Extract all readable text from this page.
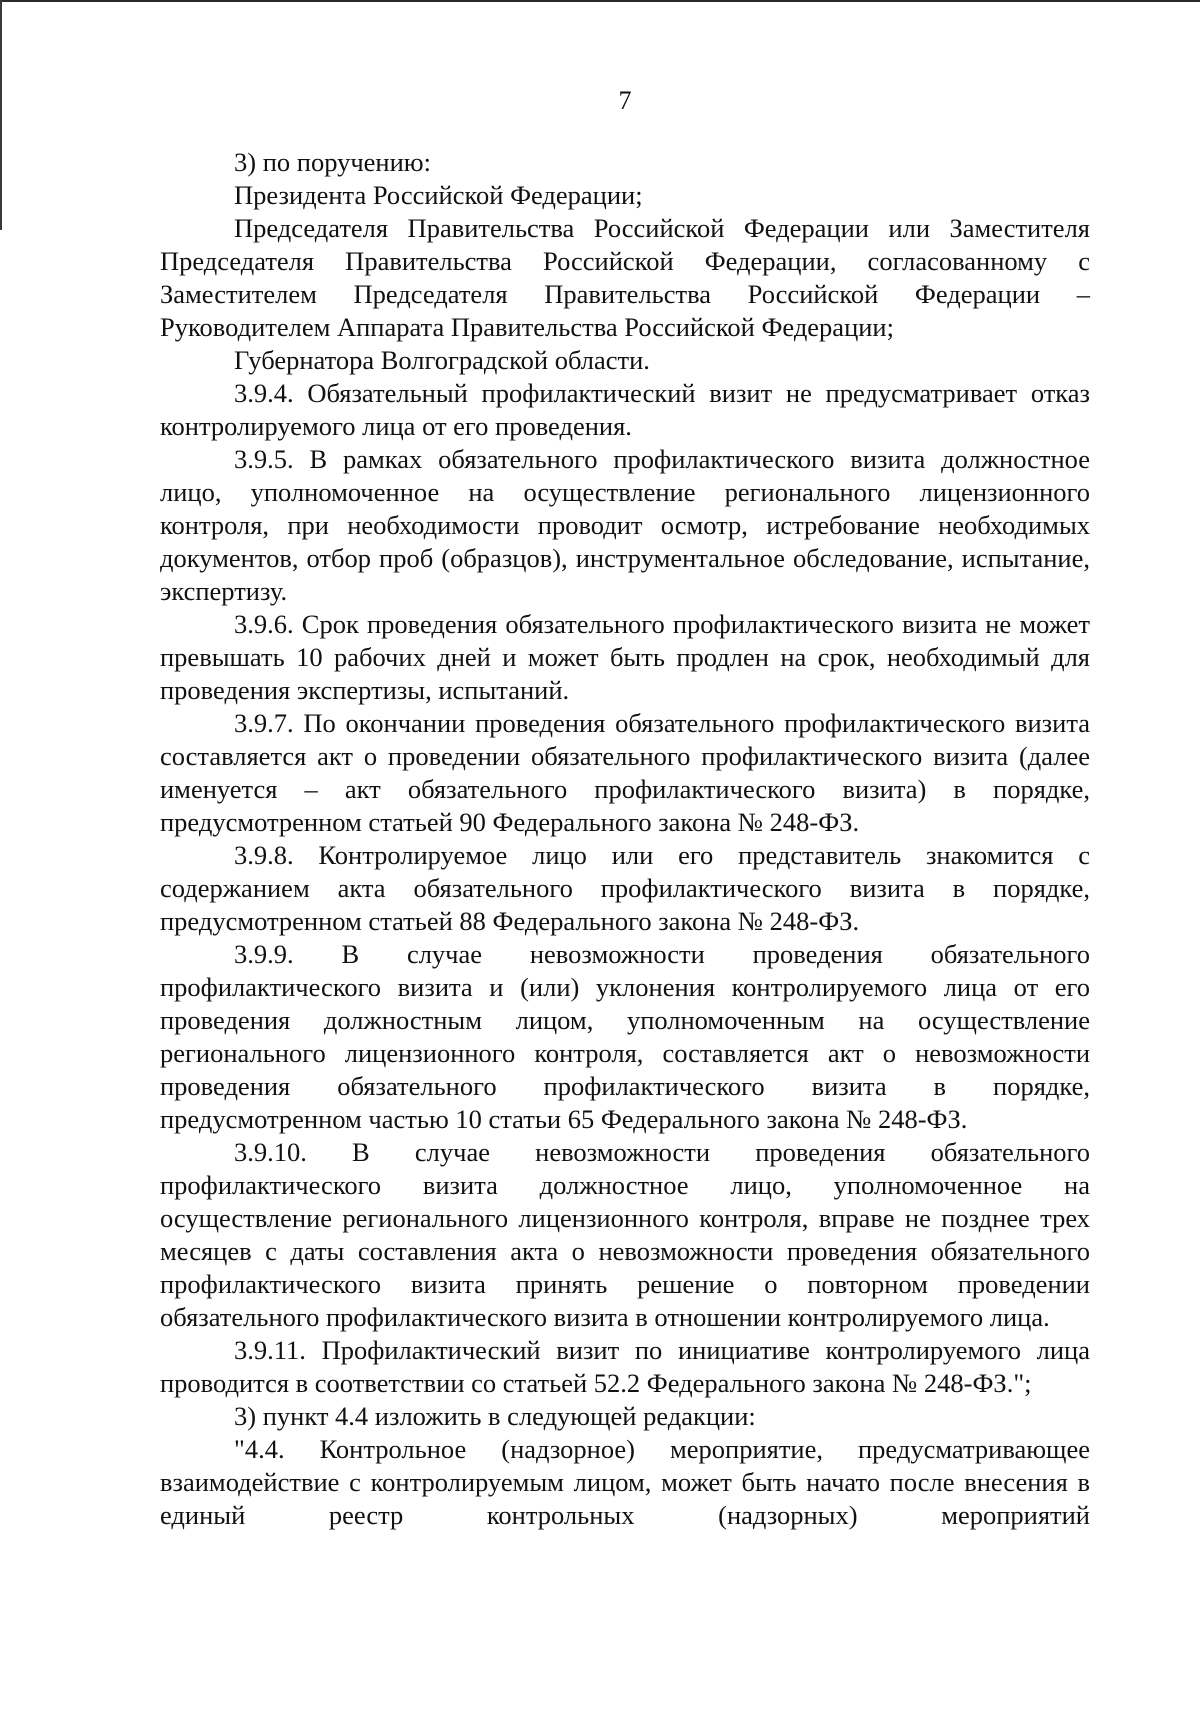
7

3) по поручению:

Президента Российской Федерации;

Председателя Правительства Российской Федерации или Заместителя Председателя Правительства Российской Федерации, согласованному с Заместителем Председателя Правительства Российской Федерации – Руководителем Аппарата Правительства Российской Федерации;

Губернатора Волгоградской области.

3.9.4. Обязательный профилактический визит не предусматривает отказ контролируемого лица от его проведения.

3.9.5. В рамках обязательного профилактического визита должностное лицо, уполномоченное на осуществление регионального лицензионного контроля, при необходимости проводит осмотр, истребование необходимых документов, отбор проб (образцов), инструментальное обследование, испытание, экспертизу.

3.9.6. Срок проведения обязательного профилактического визита не может превышать 10 рабочих дней и может быть продлен на срок, необходимый для проведения экспертизы, испытаний.

3.9.7. По окончании проведения обязательного профилактического визита составляется акт о проведении обязательного профилактического визита (далее именуется – акт обязательного профилактического визита) в порядке, предусмотренном статьей 90 Федерального закона № 248-ФЗ.

3.9.8. Контролируемое лицо или его представитель знакомится с содержанием акта обязательного профилактического визита в порядке, предусмотренном статьей 88 Федерального закона № 248-ФЗ.

3.9.9. В случае невозможности проведения обязательного профилактического визита и (или) уклонения контролируемого лица от его проведения должностным лицом, уполномоченным на осуществление регионального лицензионного контроля, составляется акт о невозможности проведения обязательного профилактического визита в порядке, предусмотренном частью 10 статьи 65 Федерального закона № 248-ФЗ.

3.9.10. В случае невозможности проведения обязательного профилактического визита должностное лицо, уполномоченное на осуществление регионального лицензионного контроля, вправе не позднее трех месяцев с даты составления акта о невозможности проведения обязательного профилактического визита принять решение о повторном проведении обязательного профилактического визита в отношении контролируемого лица.

3.9.11. Профилактический визит по инициативе контролируемого лица проводится в соответствии со статьей 52.2 Федерального закона № 248-ФЗ.";

3) пункт 4.4 изложить в следующей редакции:

"4.4. Контрольное (надзорное) мероприятие, предусматривающее взаимодействие с контролируемым лицом, может быть начато после внесения в единый реестр контрольных (надзорных) мероприятий
